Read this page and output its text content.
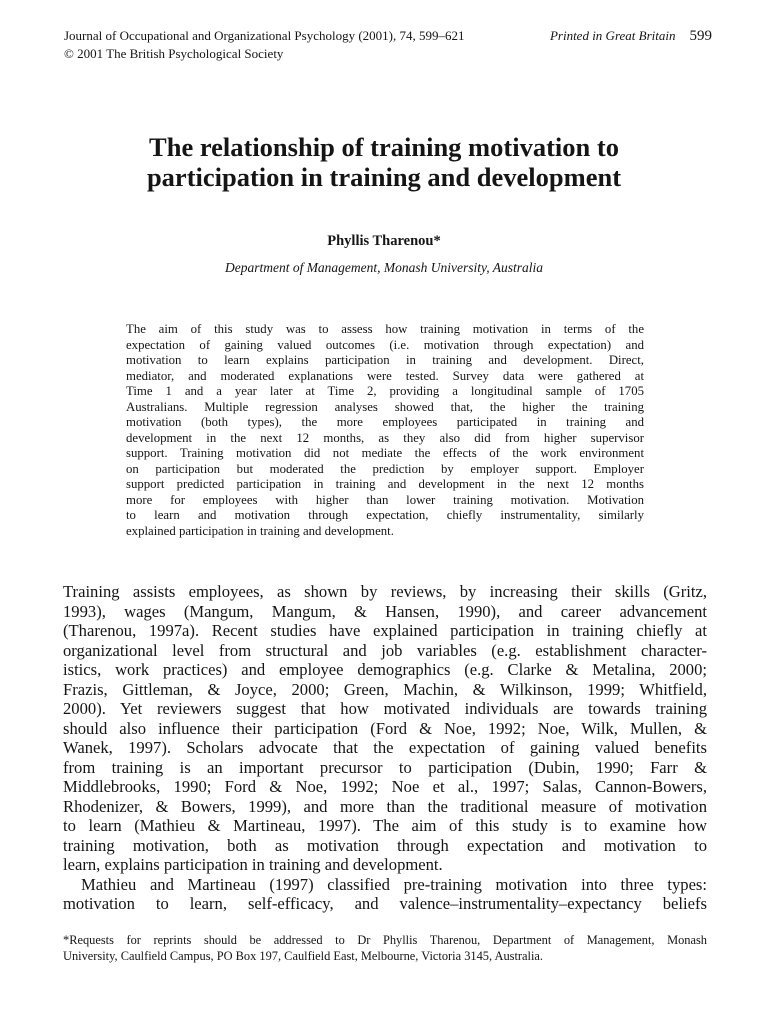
Journal of Occupational and Organizational Psychology (2001), 74, 599–621	Printed in Great Britain 599
© 2001 The British Psychological Society
The relationship of training motivation to
participation in training and development
Phyllis Tharenou*
Department of Management, Monash University, Australia
The aim of this study was to assess how training motivation in terms of the
expectation of gaining valued outcomes (i.e. motivation through expectation) and
motivation to learn explains participation in training and development. Direct,
mediator, and moderated explanations were tested. Survey data were gathered at
Time 1 and a year later at Time 2, providing a longitudinal sample of 1705
Australians. Multiple regression analyses showed that, the higher the training
motivation (both types), the more employees participated in training and
development in the next 12 months, as they also did from higher supervisor
support. Training motivation did not mediate the effects of the work environment
on participation but moderated the prediction by employer support. Employer
support predicted participation in training and development in the next 12 months
more for employees with higher than lower training motivation. Motivation
to learn and motivation through expectation, chiefly instrumentality, similarly
explained participation in training and development.
Training assists employees, as shown by reviews, by increasing their skills (Gritz,
1993), wages (Mangum, Mangum, & Hansen, 1990), and career advancement
(Tharenou, 1997a). Recent studies have explained participation in training chiefly at
organizational level from structural and job variables (e.g. establishment character-
istics, work practices) and employee demographics (e.g. Clarke & Metalina, 2000;
Frazis, Gittleman, & Joyce, 2000; Green, Machin, & Wilkinson, 1999; Whitfield,
2000). Yet reviewers suggest that how motivated individuals are towards training
should also influence their participation (Ford & Noe, 1992; Noe, Wilk, Mullen, &
Wanek, 1997). Scholars advocate that the expectation of gaining valued benefits
from training is an important precursor to participation (Dubin, 1990; Farr &
Middlebrooks, 1990; Ford & Noe, 1992; Noe et al., 1997; Salas, Cannon-Bowers,
Rhodenizer, & Bowers, 1999), and more than the traditional measure of motivation
to learn (Mathieu & Martineau, 1997). The aim of this study is to examine how
training motivation, both as motivation through expectation and motivation to
learn, explains participation in training and development.
Mathieu and Martineau (1997) classified pre-training motivation into three types:
motivation to learn, self-efficacy, and valence–instrumentality–expectancy beliefs
*Requests for reprints should be addressed to Dr Phyllis Tharenou, Department of Management, Monash
University, Caulfield Campus, PO Box 197, Caulfield East, Melbourne, Victoria 3145, Australia.
